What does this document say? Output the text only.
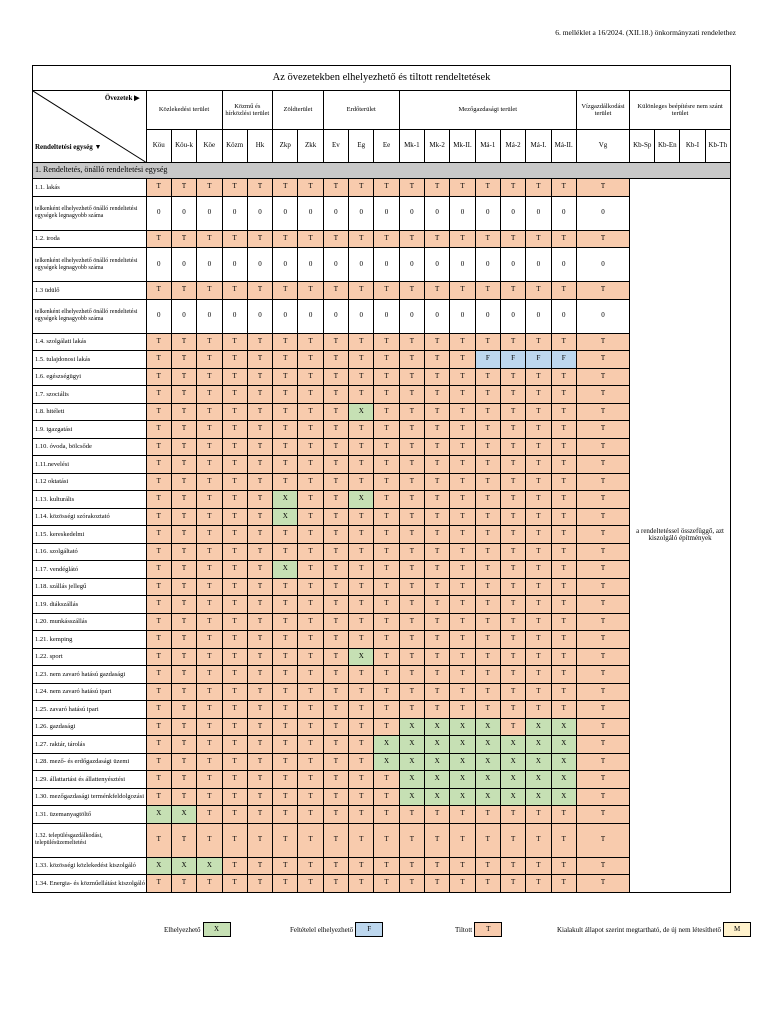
6. melléklet a 16/2024. (XII.18.) önkormányzati rendelethez
Az övezetekben elhelyezhető és tiltott rendeltetések																						

Övezetek ▶
Rendeltetési egység ▼	Közlekedési terület			Közmű és hírközlési terület		Zöldterület		Erdőterület			Mezőgazdasági terület							Vízgazdálkodási terület	Különleges beépítésre nem szánt terület			
	Köu	Köu-k	Köe	Közm	Hk	Zkp	Zkk	Ev	Eg	Ee	Mk-1	Mk-2	Mk-II.	Má-1	Má-2	Má-I.	Má-II.	Vg	Kb-Sp	Kb-En	Kb-I	Kb-Th
1. Rendeltetés, önálló rendeltetési egység																						
1.1. lakás	T	T	T	T	T	T	T	T	T	T	T	T	T	T	T	T	T	T	a rendeltetéssel összefüggő, azt kiszolgáló építmények			
telkenként elhelyezhető önálló rendeltetési egységek legnagyobb száma	0	0	0	0	0	0	0	0	0	0	0	0	0	0	0	0	0	0				
1.2. iroda	T	T	T	T	T	T	T	T	T	T	T	T	T	T	T	T	T	T				
telkenként elhelyezhető önálló rendeltetési egységek legnagyobb száma	0	0	0	0	0	0	0	0	0	0	0	0	0	0	0	0	0	0				
1.3 üdülő	T	T	T	T	T	T	T	T	T	T	T	T	T	T	T	T	T	T				
telkenként elhelyezhető önálló rendeltetési egységek legnagyobb száma	0	0	0	0	0	0	0	0	0	0	0	0	0	0	0	0	0	0				
1.4. szolgálati lakás	T	T	T	T	T	T	T	T	T	T	T	T	T	T	T	T	T	T				
1.5. tulajdonosi lakás	T	T	T	T	T	T	T	T	T	T	T	T	T	F	F	F	F	T				
1.6. egészségügyi	T	T	T	T	T	T	T	T	T	T	T	T	T	T	T	T	T	T				
1.7. szociális	T	T	T	T	T	T	T	T	T	T	T	T	T	T	T	T	T	T				
1.8. hitéleti	T	T	T	T	T	T	T	T	X	T	T	T	T	T	T	T	T	T				
1.9. igazgatási	T	T	T	T	T	T	T	T	T	T	T	T	T	T	T	T	T	T				
1.10. óvoda, bölcsőde	T	T	T	T	T	T	T	T	T	T	T	T	T	T	T	T	T	T				
1.11.nevelési	T	T	T	T	T	T	T	T	T	T	T	T	T	T	T	T	T	T				
1.12 oktatási	T	T	T	T	T	T	T	T	T	T	T	T	T	T	T	T	T	T				
1.13. kulturális	T	T	T	T	T	X	T	T	X	T	T	T	T	T	T	T	T	T				
1.14. közösségi szórakoztató	T	T	T	T	T	X	T	T	T	T	T	T	T	T	T	T	T	T				
1.15. kereskedelmi	T	T	T	T	T	T	T	T	T	T	T	T	T	T	T	T	T	T				
1.16. szolgáltató	T	T	T	T	T	T	T	T	T	T	T	T	T	T	T	T	T	T				
1.17. vendéglátó	T	T	T	T	T	X	T	T	T	T	T	T	T	T	T	T	T	T				
1.18. szállás jellegű	T	T	T	T	T	T	T	T	T	T	T	T	T	T	T	T	T	T				
1.19. diákszállás	T	T	T	T	T	T	T	T	T	T	T	T	T	T	T	T	T	T				
1.20. munkásszállás	T	T	T	T	T	T	T	T	T	T	T	T	T	T	T	T	T	T				
1.21. kemping	T	T	T	T	T	T	T	T	T	T	T	T	T	T	T	T	T	T				
1.22. sport	T	T	T	T	T	T	T	T	X	T	T	T	T	T	T	T	T	T				
1.23. nem zavaró hatású gazdasági	T	T	T	T	T	T	T	T	T	T	T	T	T	T	T	T	T	T				
1.24. nem zavaró hatású ipari	T	T	T	T	T	T	T	T	T	T	T	T	T	T	T	T	T	T				
1.25. zavaró hatású ipari	T	T	T	T	T	T	T	T	T	T	T	T	T	T	T	T	T	T				
1.26. gazdasági	T	T	T	T	T	T	T	T	T	T	X	X	X	X	T	X	X	T				
1.27. raktár, tárolás	T	T	T	T	T	T	T	T	T	X	X	X	X	X	X	X	X	T				
1.28. mező- és erdőgazdasági üzemi	T	T	T	T	T	T	T	T	T	X	X	X	X	X	X	X	X	T				
1.29. állattartási és állattenyésztési	T	T	T	T	T	T	T	T	T	T	X	X	X	X	X	X	X	T				
1.30. mezőgazdasági terménkfeldolgozási	T	T	T	T	T	T	T	T	T	T	X	X	X	X	X	X	X	T				
1.31. üzemanyagtöltő	X	X	T	T	T	T	T	T	T	T	T	T	T	T	T	T	T	T				
1.32. településgazdálkodási, településüzemeltetési	T	T	T	T	T	T	T	T	T	T	T	T	T	T	T	T	T	T				
1.33. közösségi közlekedést kiszolgáló	X	X	X	T	T	T	T	T	T	T	T	T	T	T	T	T	T	T				
1.34. Energia- és közműellátást kiszolgáló	T	T	T	T	T	T	T	T	T	T	T	T	T	T	T	T	T	T				
Elhelyezhető	X	Feltételel elhelyezhető	F	Tiltott	T	Kialakult állapot szerint megtartható, de új nem létesíthető	M
